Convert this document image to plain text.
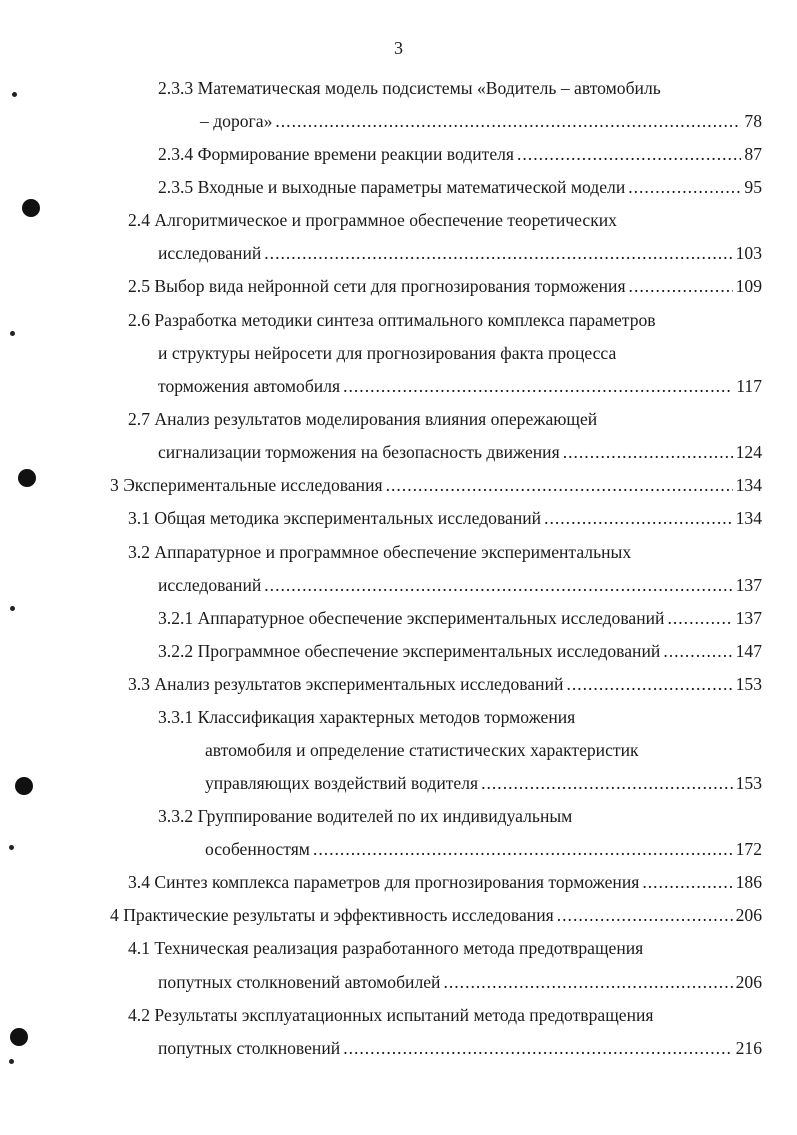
3
2.3.3 Математическая модель подсистемы «Водитель – автомобиль
– дорога» .....	78
2.3.4 Формирование времени реакции водителя .....	87
2.3.5 Входные и выходные параметры математической модели .....	95
2.4 Алгоритмическое и программное обеспечение теоретических
исследований .....	103
2.5 Выбор вида нейронной сети для прогнозирования торможения .....	109
2.6 Разработка методики синтеза оптимального комплекса параметров
и структуры нейросети для прогнозирования факта процесса
торможения автомобиля .....	117
2.7 Анализ результатов моделирования влияния опережающей
сигнализации торможения на безопасность движения .....	124
3 Экспериментальные исследования .....	134
3.1 Общая методика экспериментальных исследований .....	134
3.2 Аппаратурное и программное обеспечение экспериментальных
исследований .....	137
3.2.1 Аппаратурное обеспечение экспериментальных исследований .....	137
3.2.2 Программное обеспечение экспериментальных исследований .....	147
3.3 Анализ результатов экспериментальных исследований .....	153
3.3.1 Классификация характерных методов торможения
автомобиля и определение статистических характеристик
управляющих воздействий водителя .....	153
3.3.2 Группирование водителей по их индивидуальным
особенностям .....	172
3.4 Синтез комплекса параметров для прогнозирования торможения .....	186
4 Практические результаты и эффективность исследования .....	206
4.1 Техническая реализация разработанного метода предотвращения
попутных столкновений автомобилей .....	206
4.2 Результаты эксплуатационных испытаний метода предотвращения
попутных столкновений .....	216
